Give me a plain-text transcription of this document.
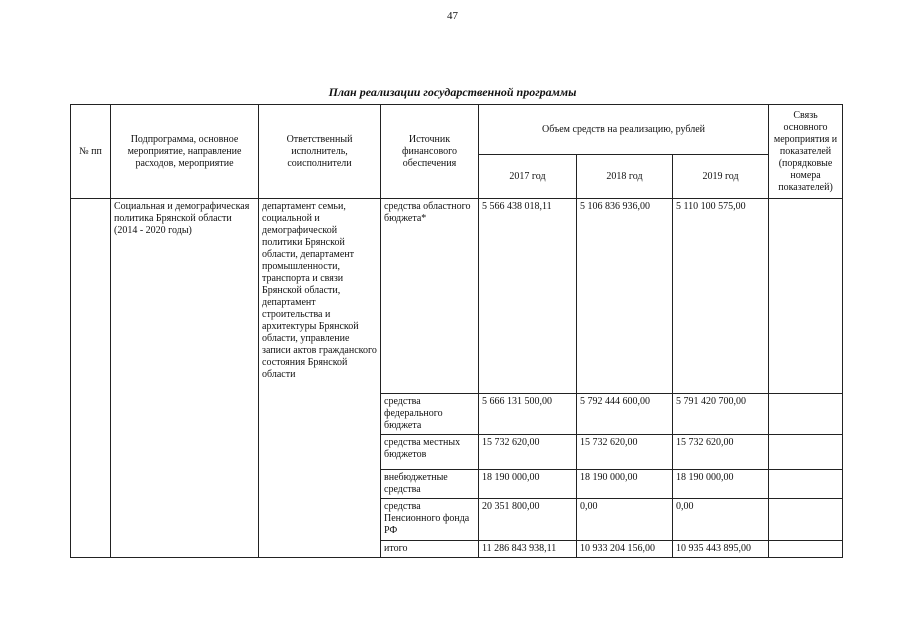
47
План реализации государственной программы
№ пп	Подпрограмма, основное мероприятие, направление расходов, мероприятие	Ответственный исполнитель, соисполнители	Источник финансового обеспечения	Объем средств на реализацию, рублей			Связь основного мероприятия и показателей (порядковые номера показателей)
				2017 год	2018 год	2019 год	
	Социальная и демографическая политика Брянской области (2014 - 2020 годы)	департамент семьи, социальной и демографической политики Брянской области, департамент промышленности, транспорта и связи Брянской области, департамент строительства и архитектуры Брянской области, управление записи актов гражданского состояния Брянской области	средства областного бюджета*	5 566 438 018,11	5 106 836 936,00	5 110 100 575,00	
			средства федерального бюджета	5 666 131 500,00	5 792 444 600,00	5 791 420 700,00	
			средства местных бюджетов	15 732 620,00	15 732 620,00	15 732 620,00	
			внебюджетные средства	18 190 000,00	18 190 000,00	18 190 000,00	
			средства Пенсионного фонда РФ	20 351 800,00	0,00	0,00	
			итого	11 286 843 938,11	10 933 204 156,00	10 935 443 895,00	
